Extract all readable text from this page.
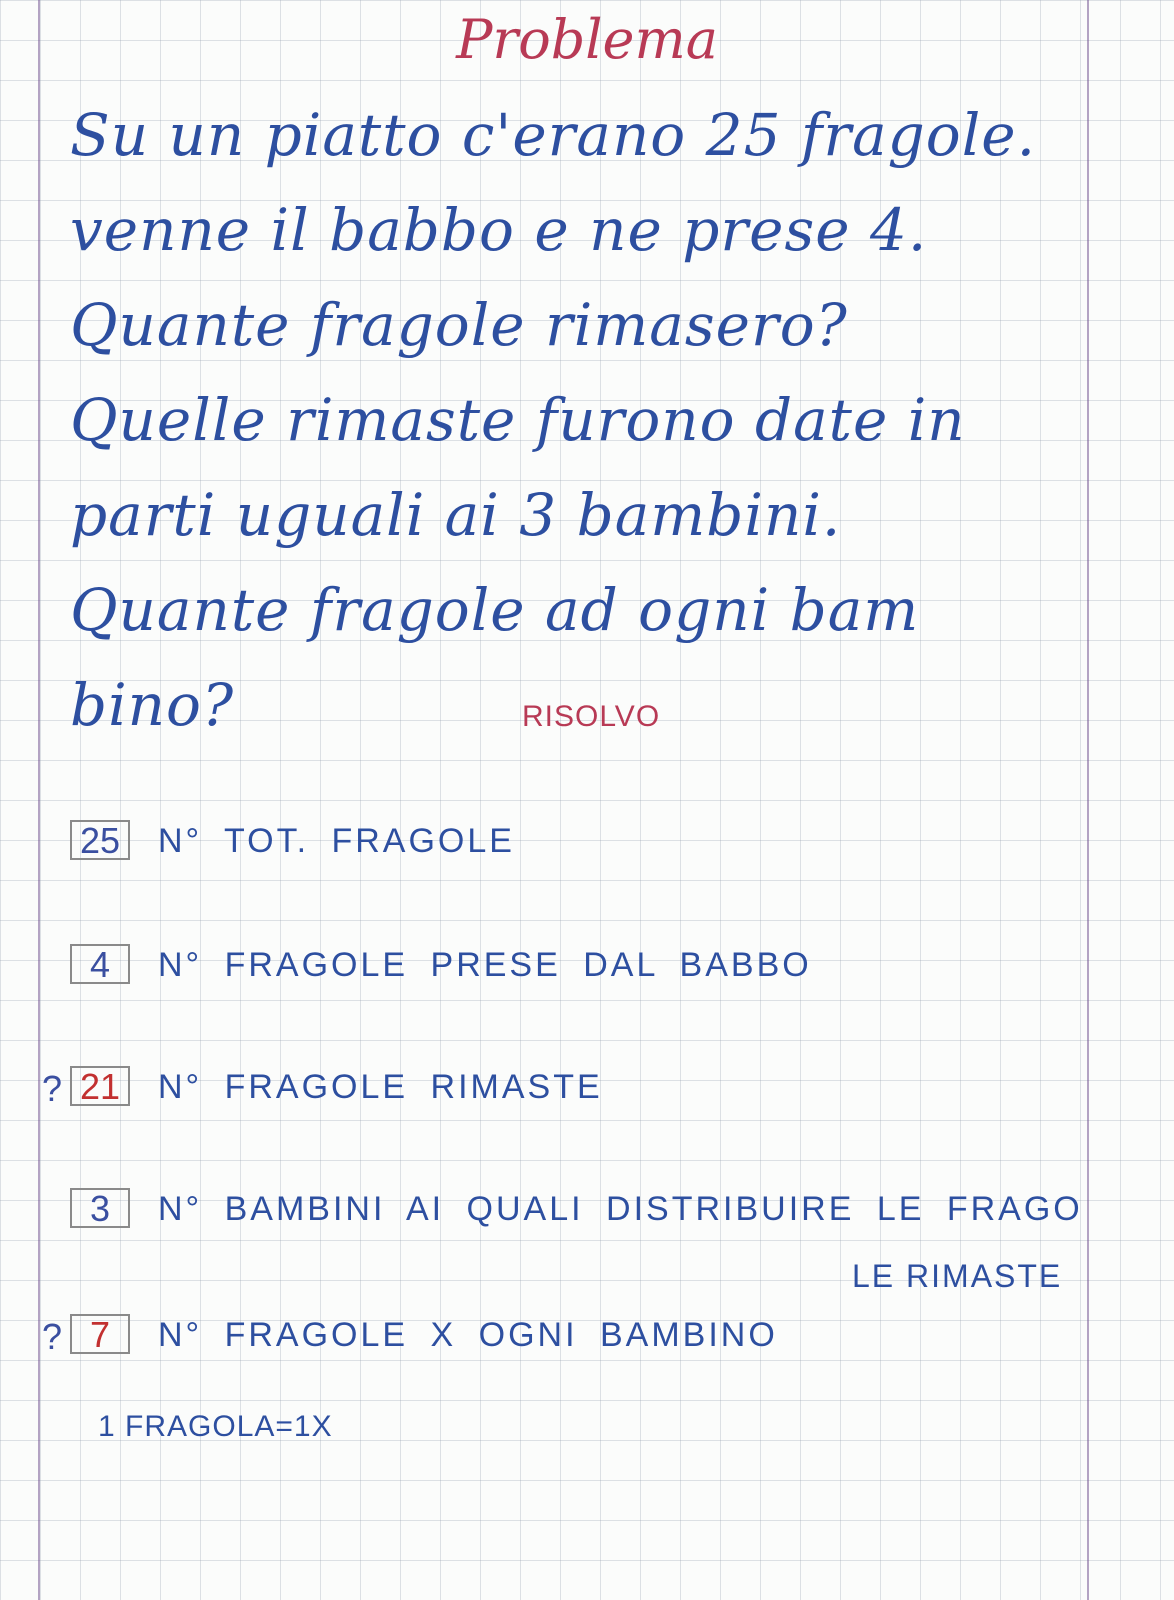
Problema
Su un piatto c'erano 25 fragole.
venne il babbo e ne prese 4.
Quante fragole rimasero?
Quelle rimaste furono date in
parti uguali ai 3 bambini.
Quante fragole ad ogni bam
bino?	RISOLVO
25 N° TOT. FRAGOLE
4	N° FRAGOLE PRESE DAL BABBO
? 21 N° FRAGOLE RIMASTE
3	N° BAMBINI AI QUALI DISTRIBUIRE LE FRAGO
LE RIMASTE
? 7	N° FRAGOLE X OGNI BAMBINO
1 FRAGOLA=1X
